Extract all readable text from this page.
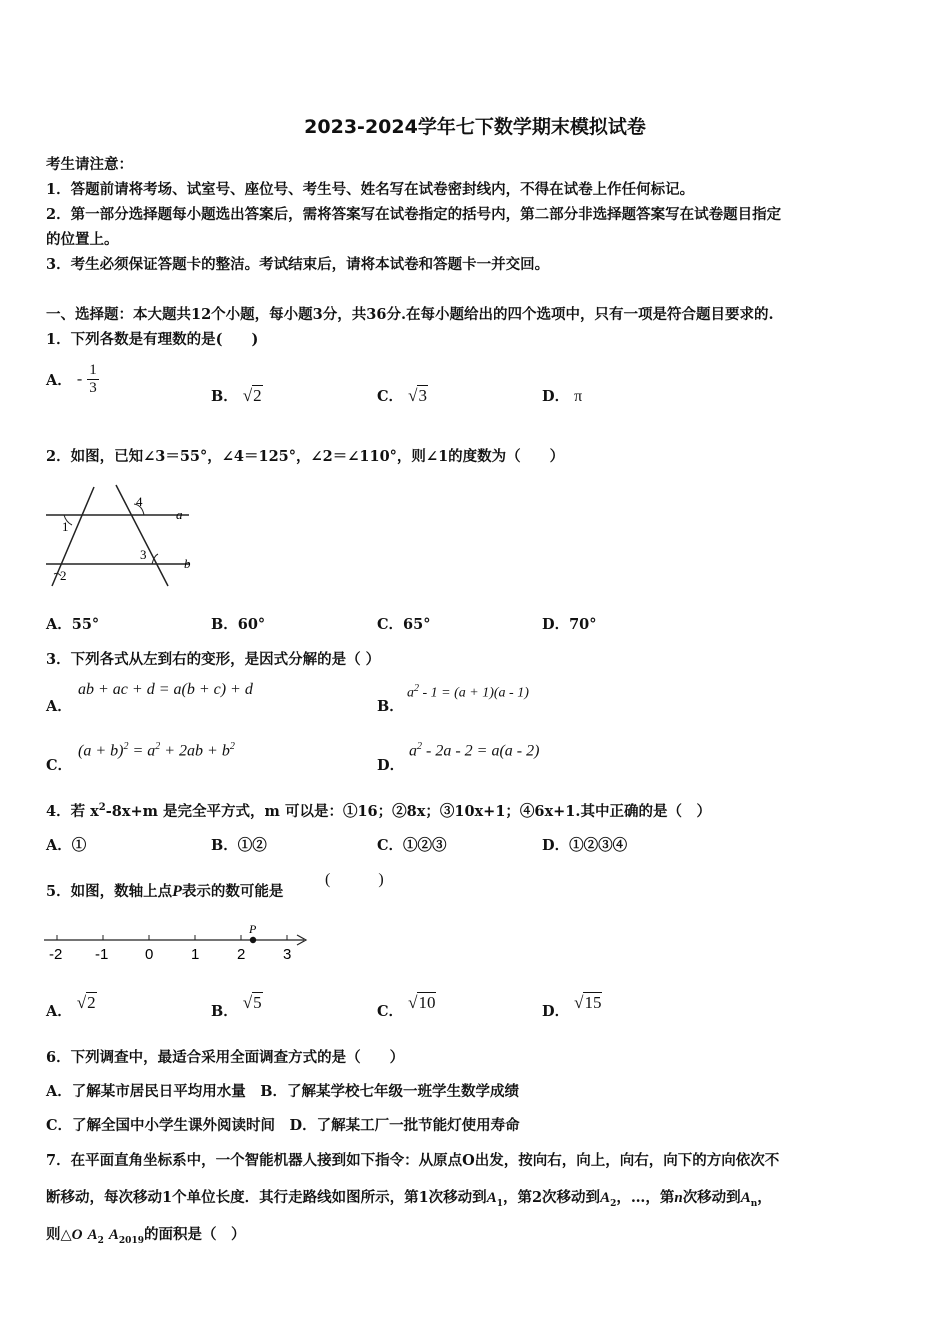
2023-2024学年七下数学期末模拟试卷
考生请注意：
1．答题前请将考场、试室号、座位号、考生号、姓名写在试卷密封线内，不得在试卷上作任何标记。
2．第一部分选择题每小题选出答案后，需将答案写在试卷指定的括号内，第二部分非选择题答案写在试卷题目指定
的位置上。
3．考生必须保证答题卡的整洁。考试结束后，请将本试卷和答题卡一并交回。
一、选择题：本大题共12个小题，每小题3分，共36分.在每小题给出的四个选项中，只有一项是符合题目要求的.
1．下列各数是有理数的是(　　)
A． - $\frac{1}{3}$	B． √2	C． √3	D． π
2．如图，已知∠3＝55°，∠4＝125°，∠2＝∠110°，则∠1的度数为（　　）
1
2
3
4
a
b
A．55°	B．60°	C．65°	D．70°
3．下列各式从左到右的变形，是因式分解的是（ ）
A．
ab + ac + d = a(b + c) + d
B．
$a^2 - 1 = (a + 1)(a - 1)$
C．
$(a + b)^2 = a^2 + 2ab + b^2$
D．
$a^2 - 2a - 2 = a(a - 2)$
4．若 $x^2-8x+m$ 是完全平方式，m 可以是：①16；②8x；③10x+1；④6x+1.其中正确的是（　）
A．①	B．①②	C．①②③	D．①②③④
5．如图，数轴上点P表示的数可能是
(　　　)
-2 -1 0	1	2	3
P
A． √2	B． √5	C． √10	D． √15
6．下列调查中，最适合采用全面调查方式的是（　　）
A．了解某市居民日平均用水量　B．了解某学校七年级一班学生数学成绩
C．了解全国中小学生课外阅读时间　D．了解某工厂一批节能灯使用寿命
7．在平面直角坐标系中，一个智能机器人接到如下指令：从原点O出发，按向右，向上，向右，向下的方向依次不
断移动，每次移动1个单位长度．其行走路线如图所示，第1次移动到$A_1$，第2次移动到$A_2$，…，第n次移动到$A_n$，
则△O $A_2$ $A_{2019}$的面积是（　）
